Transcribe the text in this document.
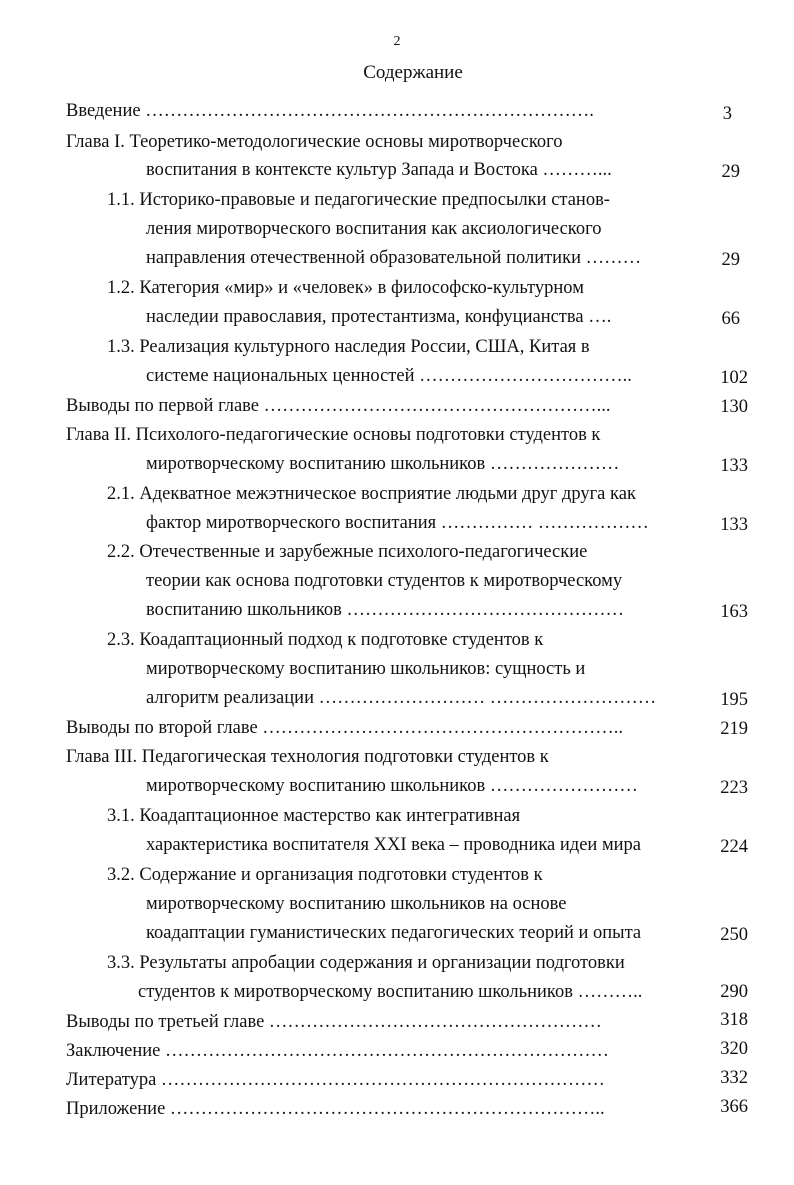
2
Содержание
Введение ……………………………………………………………….	3
Глава I. Теоретико-методологические основы миротворческого
воспитания в контексте культур Запада и Востока ………...	29
1.1. Историко-правовые и педагогические предпосылки станов-
ления миротворческого воспитания как аксиологического
направления отечественной образовательной политики ………	29
1.2. Категория «мир» и «человек» в философско-культурном
наследии православия, протестантизма, конфуцианства ….	66
1.3. Реализация культурного наследия России, США, Китая в
системе национальных ценностей ……………………………..	102
Выводы по первой главе ………………………………………………...	130
Глава II. Психолого-педагогические основы подготовки студентов к
миротворческому воспитанию школьников …………………	133
2.1. Адекватное межэтническое восприятие людьми друг друга как
фактор миротворческого воспитания …………… ………………	133
2.2. Отечественные и зарубежные психолого-педагогические
теории как основа подготовки студентов к миротворческому
воспитанию школьников ………………………………………	163
2.3. Коадаптационный подход к подготовке студентов к
миротворческому воспитанию школьников: сущность и
алгоритм реализации ……………………… ………………………	195
Выводы по второй главе …………………………………………………..	219
Глава III. Педагогическая технология подготовки студентов к
миротворческому воспитанию школьников ……………………	223
3.1. Коадаптационное мастерство как интегративная
характеристика воспитателя XXI века – проводника идеи мира	224
3.2. Содержание и организация подготовки студентов к
миротворческому воспитанию школьников на основе
коадаптации гуманистических педагогических теорий и опыта	250
3.3. Результаты апробации содержания и организации подготовки
студентов к миротворческому воспитанию школьников ………..	290
Выводы по третьей главе ………………………………………………	318
Заключение ………………………………………………………………	320
Литература ………………………………………………………………	332
Приложение ……………………………………………………………..	366
